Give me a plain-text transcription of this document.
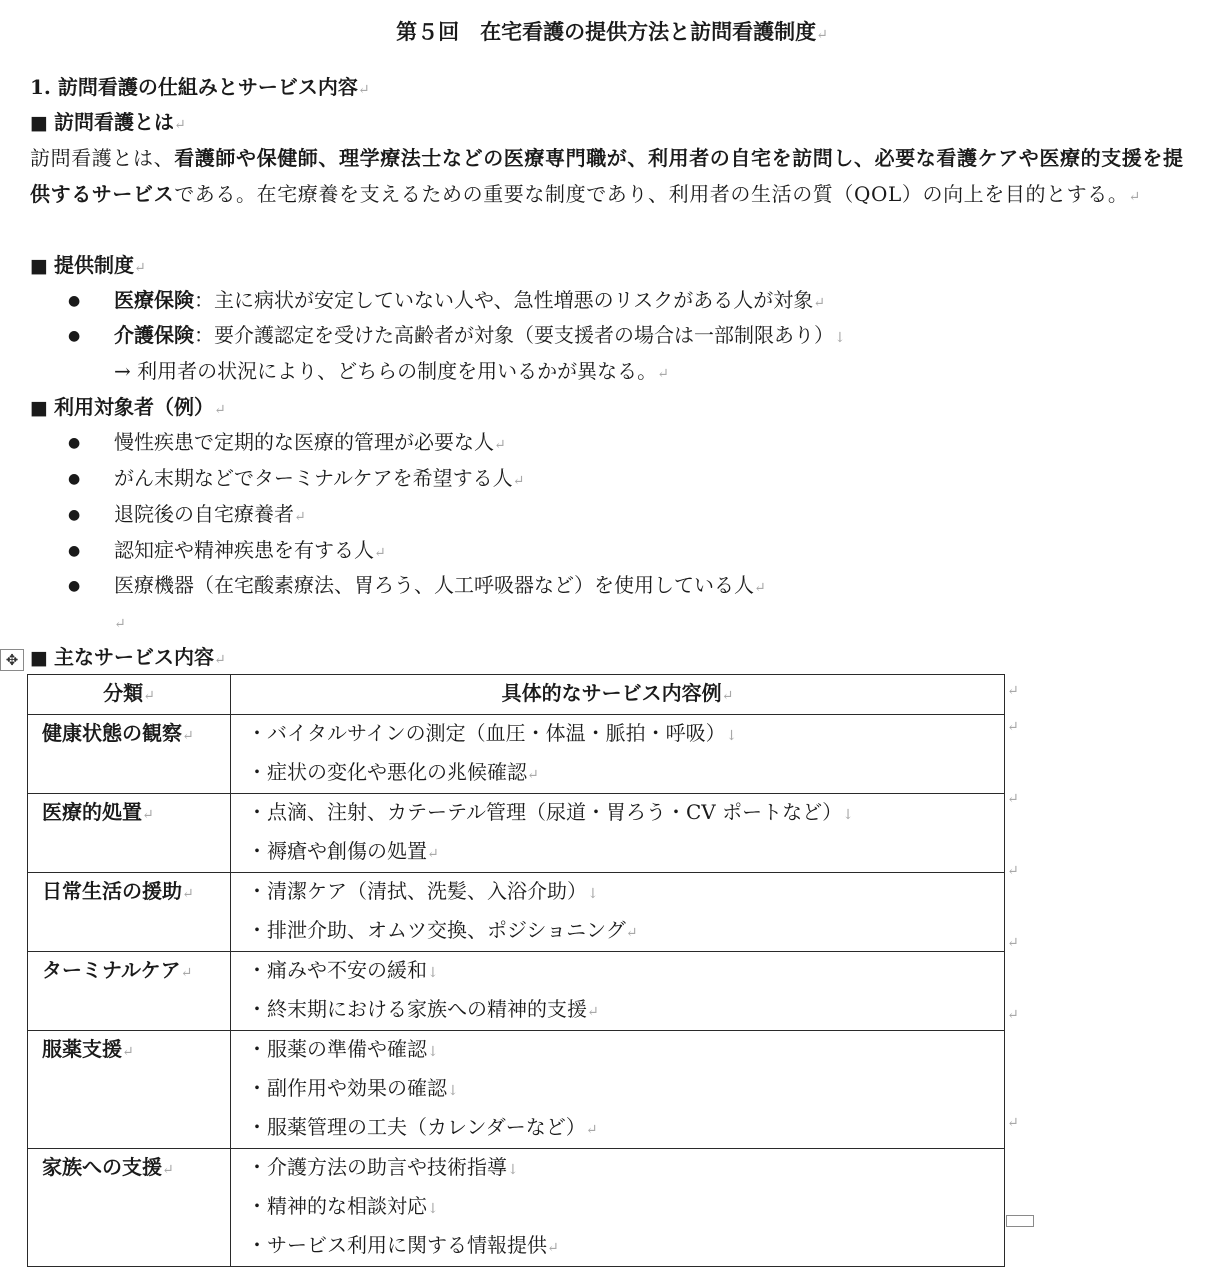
第５回　在宅看護の提供方法と訪問看護制度↵
1. 訪問看護の仕組みとサービス内容↵
■ 訪問看護とは↵
訪問看護とは、看護師や保健師、理学療法士などの医療専門職が、利用者の自宅を訪問し、必要な看護ケアや医療的支援を提供するサービスである。在宅療養を支えるための重要な制度であり、利用者の生活の質（QOL）の向上を目的とする。↵
■ 提供制度↵
● 医療保険：主に病状が安定していない人や、急性増悪のリスクがある人が対象↵
● 介護保険：要介護認定を受けた高齢者が対象（要支援者の場合は一部制限あり）↓
→ 利用者の状況により、どちらの制度を用いるかが異なる。↵
■ 利用対象者（例）↵
● 慢性疾患で定期的な医療的管理が必要な人↵
● がん末期などでターミナルケアを希望する人↵
● 退院後の自宅療養者↵
● 認知症や精神疾患を有する人↵
● 医療機器（在宅酸素療法、胃ろう、人工呼吸器など）を使用している人↵
↵
✥ ■ 主なサービス内容↵
分類↵	具体的なサービス内容例↵
健康状態の観察↵	・バイタルサインの測定（血圧・体温・脈拍・呼吸）↓
・症状の変化や悪化の兆候確認↵

医療的処置↵	・点滴、注射、カテーテル管理（尿道・胃ろう・CV ポートなど）↓
・褥瘡や創傷の処置↵

日常生活の援助↵	・清潔ケア（清拭、洗髪、入浴介助）↓
・排泄介助、オムツ交換、ポジショニング↵

ターミナルケア↵	・痛みや不安の緩和↓
・終末期における家族への精神的支援↵

服薬支援↵	・服薬の準備や確認↓
・副作用や効果の確認↓
・服薬管理の工夫（カレンダーなど）↵

家族への支援↵	・介護方法の助言や技術指導↓
・精神的な相談対応↓
・サービス利用に関する情報提供↵
↵
↵
↵
↵
↵
↵
↵
